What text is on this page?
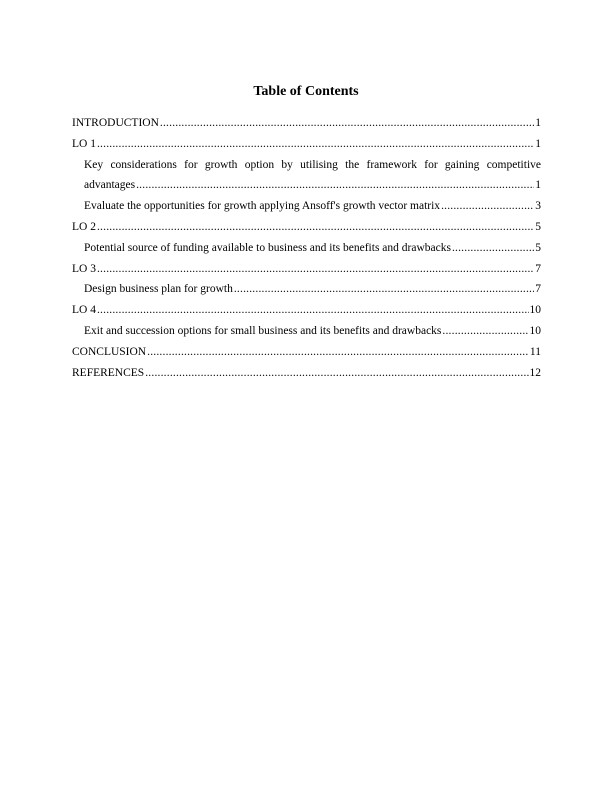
Table of Contents
INTRODUCTION .....	1
LO 1 .....	1
Key considerations for growth option by utilising the framework for gaining competitive
advantages .....	1
Evaluate the opportunities for growth applying Ansoff's growth vector matrix .....	3
LO 2 .....	5
Potential source of funding available to business and its benefits and drawbacks .....	5
LO 3 .....	7
Design business plan for growth .....	7
LO 4 .....	10
Exit and succession options for small business and its benefits and drawbacks .....	10
CONCLUSION .....	11
REFERENCES .....	12
